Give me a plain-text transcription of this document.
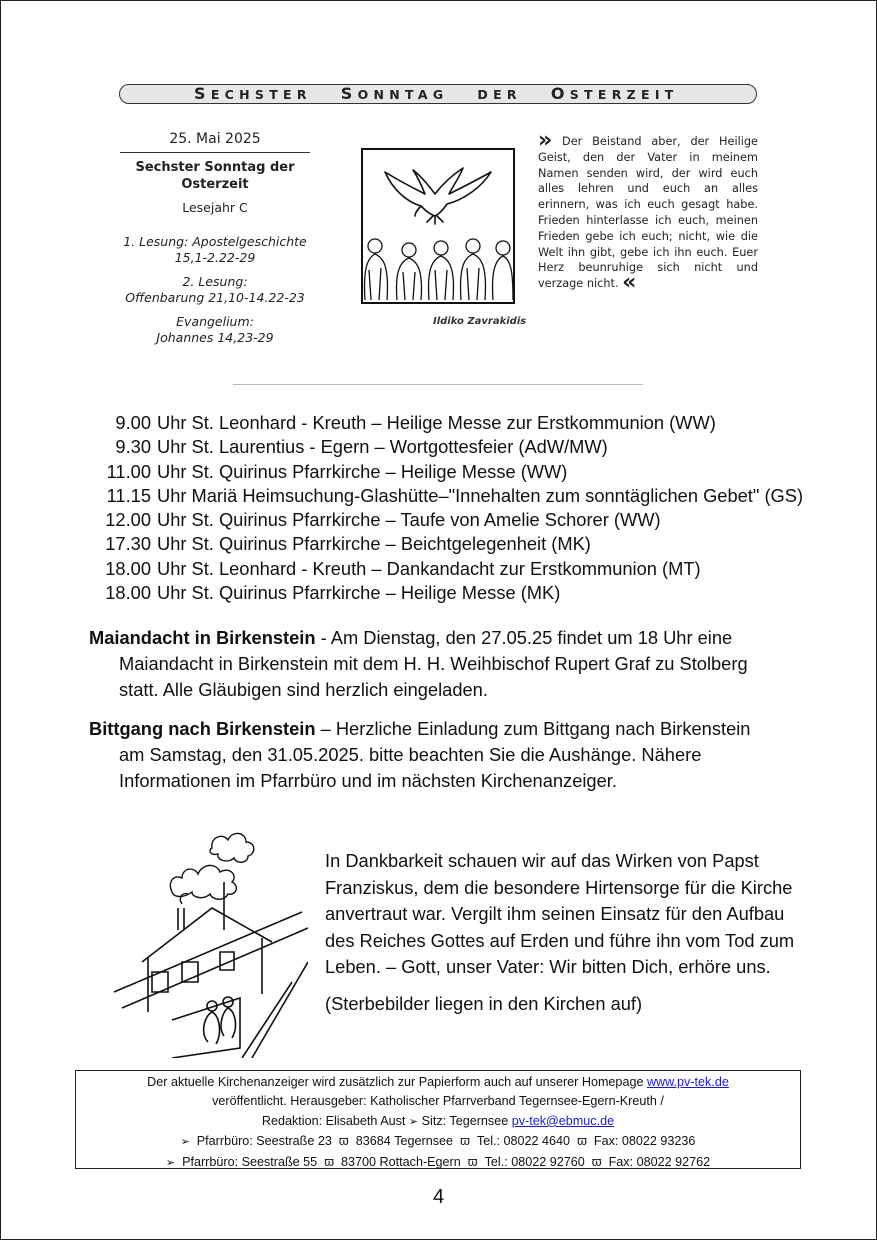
SECHSTER SONNTAG DER OSTERZEIT
25. Mai 2025
Sechster Sonntag der
Osterzeit
Lesejahr C
1. Lesung: Apostelgeschichte
15,1-2.22-29
2. Lesung:
Offenbarung 21,10-14.22-23
Evangelium:
Johannes 14,23-29
Ildiko Zavrakidis
» Der Beistand aber, der Heilige Geist, den der Vater in meinem Namen senden wird, der wird euch alles lehren und euch an alles erinnern, was ich euch gesagt habe. Frieden hinterlasse ich euch, meinen Frieden gebe ich euch; nicht, wie die Welt ihn gibt, gebe ich ihn euch. Euer Herz beunruhige sich nicht und verzage nicht. «
9.00 Uhr St. Leonhard - Kreuth – Heilige Messe zur Erstkommunion (WW)
9.30 Uhr St. Laurentius - Egern – Wortgottesfeier (AdW/MW)
11.00 Uhr St. Quirinus Pfarrkirche – Heilige Messe (WW)
11.15 Uhr Mariä Heimsuchung-Glashütte–"Innehalten zum sonntäglichen Gebet" (GS)
12.00 Uhr St. Quirinus Pfarrkirche – Taufe von Amelie Schorer (WW)
17.30 Uhr St. Quirinus Pfarrkirche – Beichtgelegenheit (MK)
18.00 Uhr St. Leonhard - Kreuth – Dankandacht zur Erstkommunion (MT)
18.00 Uhr St. Quirinus Pfarrkirche – Heilige Messe (MK)
Maiandacht in Birkenstein - Am Dienstag, den 27.05.25 findet um 18 Uhr eine
Maiandacht in Birkenstein mit dem H. H. Weihbischof Rupert Graf zu Stolberg
statt. Alle Gläubigen sind herzlich eingeladen.
Bittgang nach Birkenstein – Herzliche Einladung zum Bittgang nach Birkenstein
am Samstag, den 31.05.2025. bitte beachten Sie die Aushänge. Nähere
Informationen im Pfarrbüro und im nächsten Kirchenanzeiger.
In Dankbarkeit schauen wir auf das Wirken von Papst
Franziskus, dem die besondere Hirtensorge für die Kirche
anvertraut war. Vergilt ihm seinen Einsatz für den Aufbau
des Reiches Gottes auf Erden und führe ihn vom Tod zum
Leben. – Gott, unser Vater: Wir bitten Dich, erhöre uns.
(Sterbebilder liegen in den Kirchen auf)
Der aktuelle Kirchenanzeiger wird zusätzlich zur Papierform auch auf unserer Homepage www.pv-tek.de
veröffentlicht. Herausgeber: Katholischer Pfarrverband Tegernsee-Egern-Kreuth /
Redaktion: Elisabeth Aust ➢ Sitz: Tegernsee pv-tek@ebmuc.de
➢ Pfarrbüro: Seestraße 23 ϖ 83684 Tegernsee ϖ Tel.: 08022 4640 ϖ Fax: 08022 93236
➢ Pfarrbüro: Seestraße 55 ϖ 83700 Rottach-Egern ϖ Tel.: 08022 92760 ϖ Fax: 08022 92762
4
